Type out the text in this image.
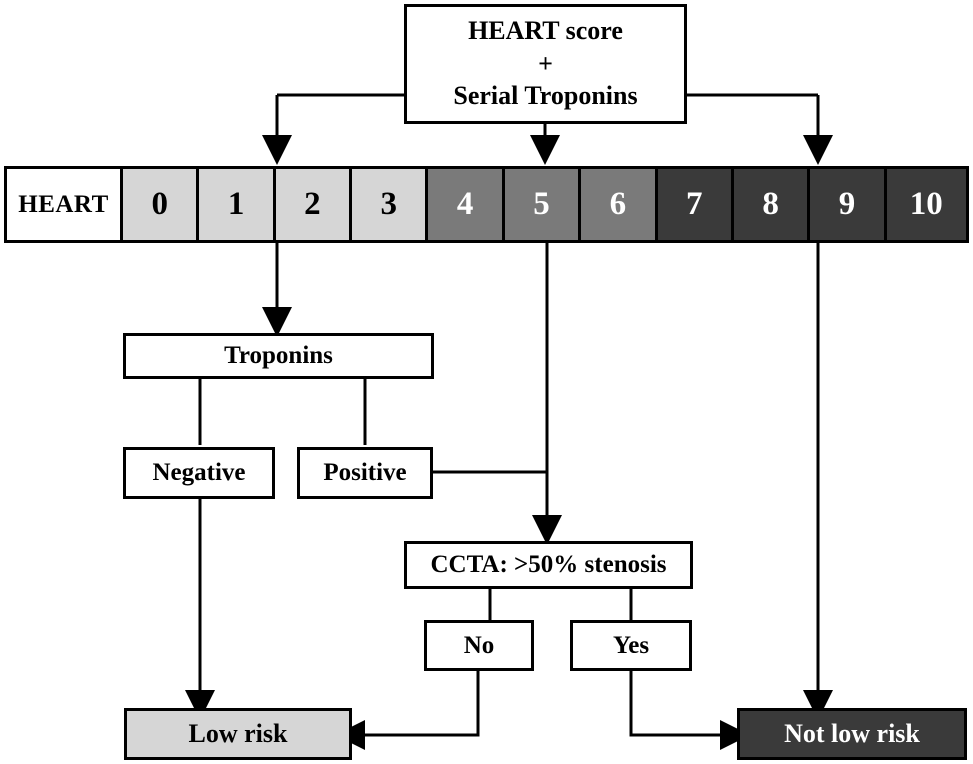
HEART score
+
Serial Troponins
HEART	0	1	2	3	4	5	6	7	8	9	10
Troponins
Negative	Positive
CCTA: >50% stenosis
No	Yes
Low risk	Not low risk
